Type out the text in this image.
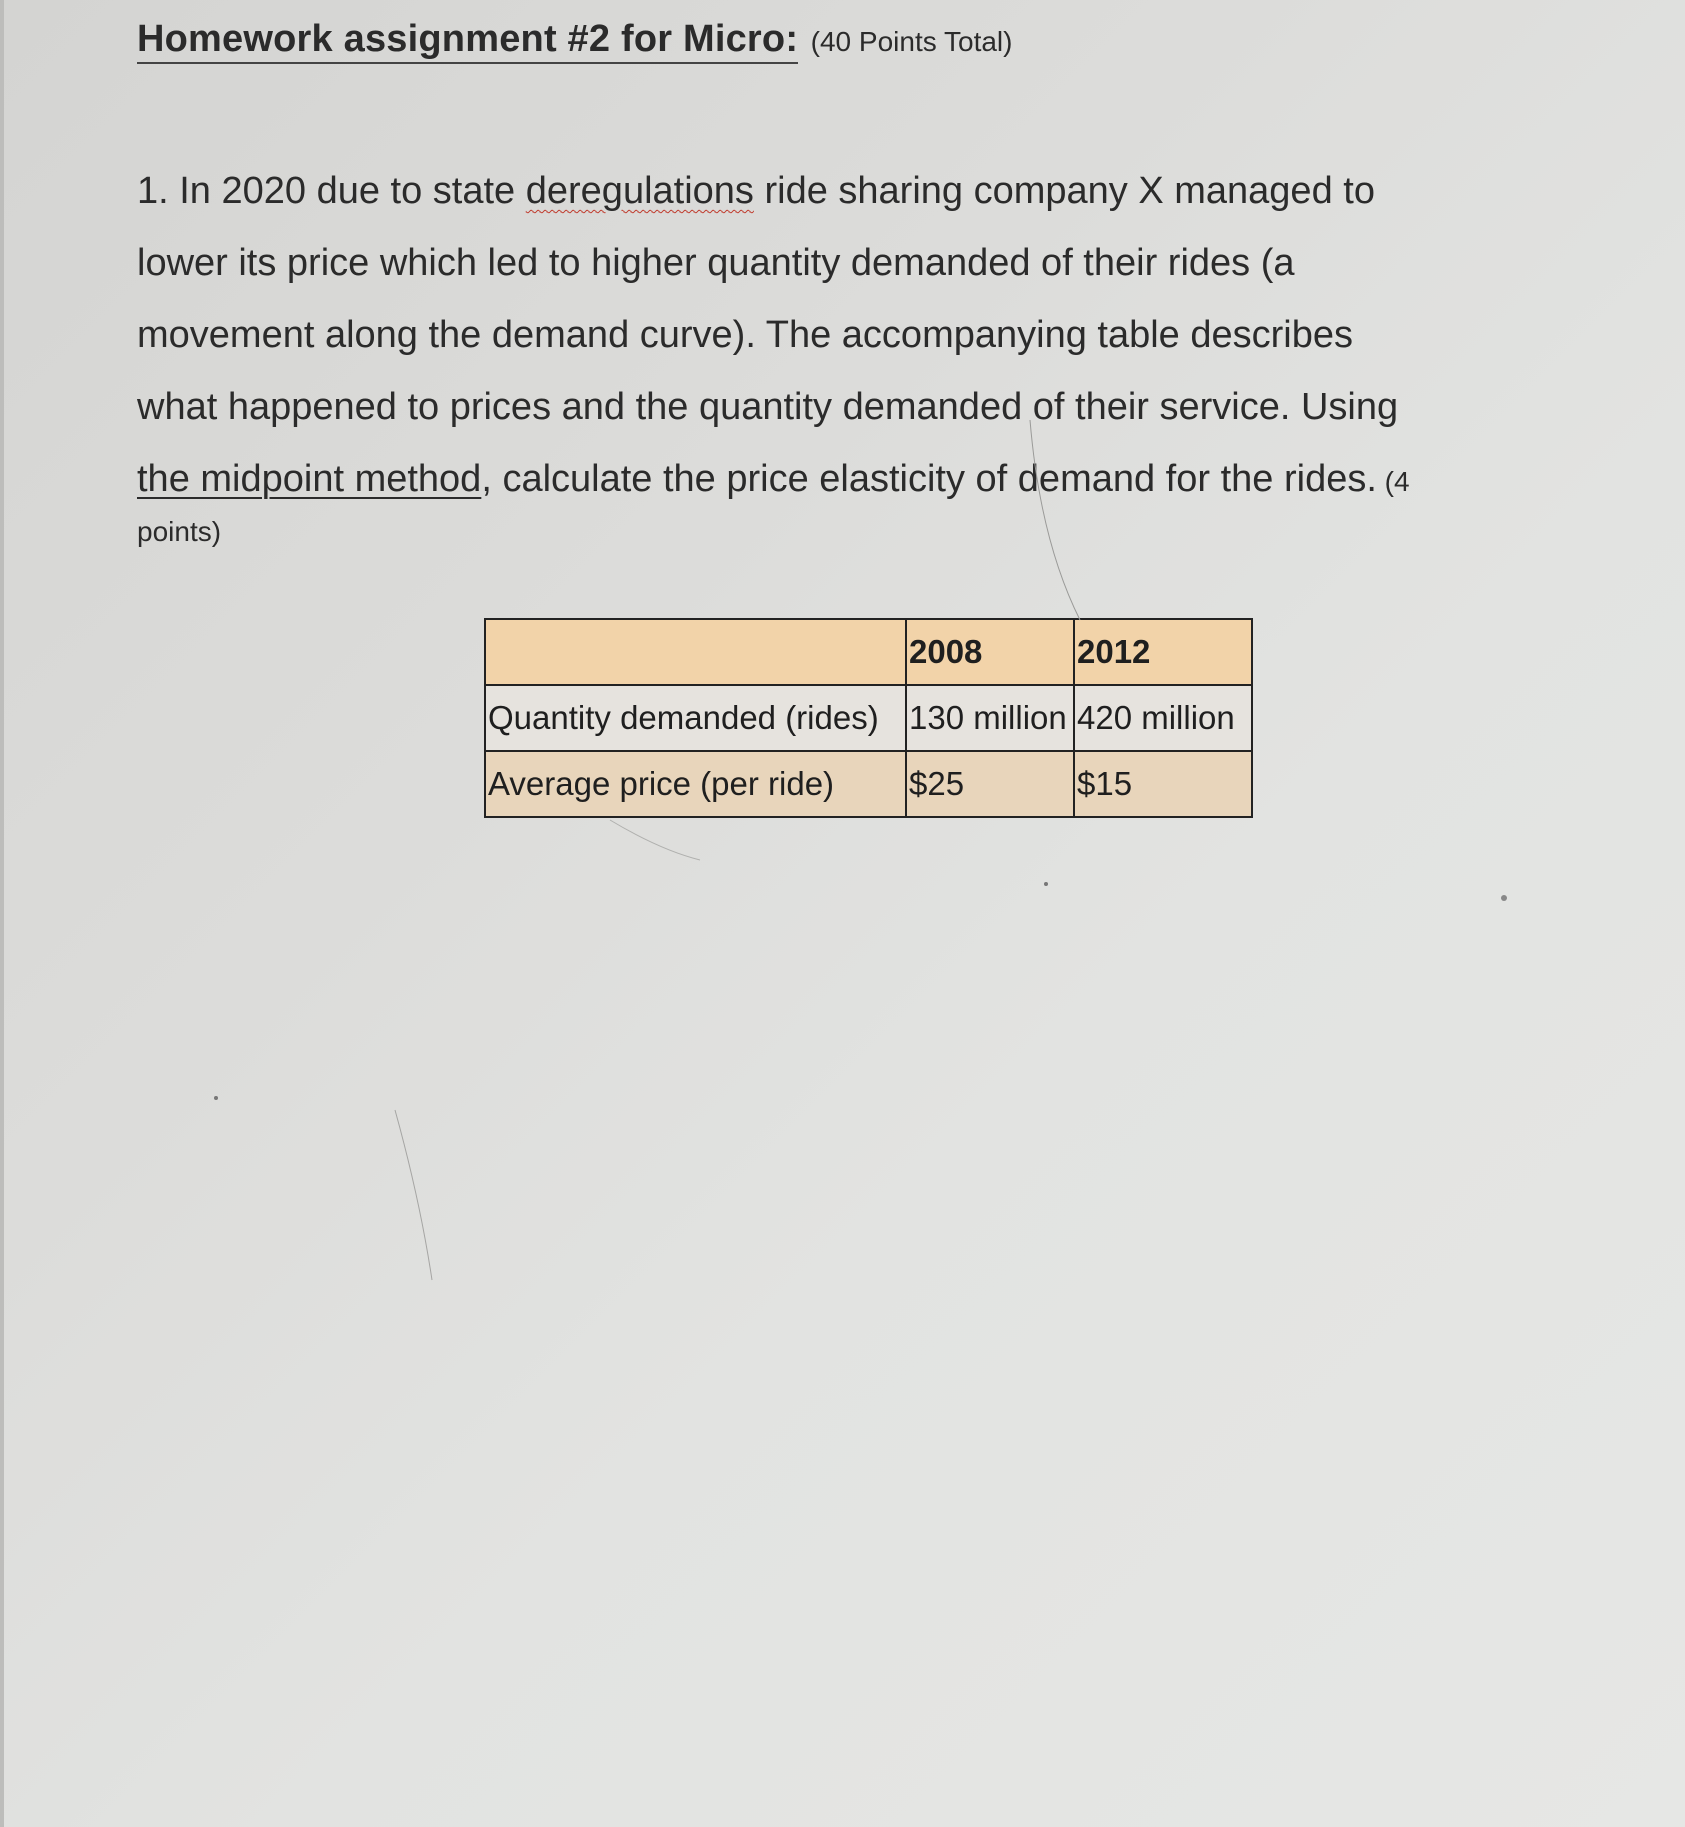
Homework assignment #2 for Micro: (40 Points Total)
1. In 2020 due to state deregulations ride sharing company X managed to
lower its price which led to higher quantity demanded of their rides (a
movement along the demand curve). The accompanying table describes
what happened to prices and the quantity demanded of their service. Using
the midpoint method, calculate the price elasticity of demand for the rides. (4
points)
	2008	2012
Quantity demanded (rides)	130 million	420 million
Average price (per ride)	$25	$15
